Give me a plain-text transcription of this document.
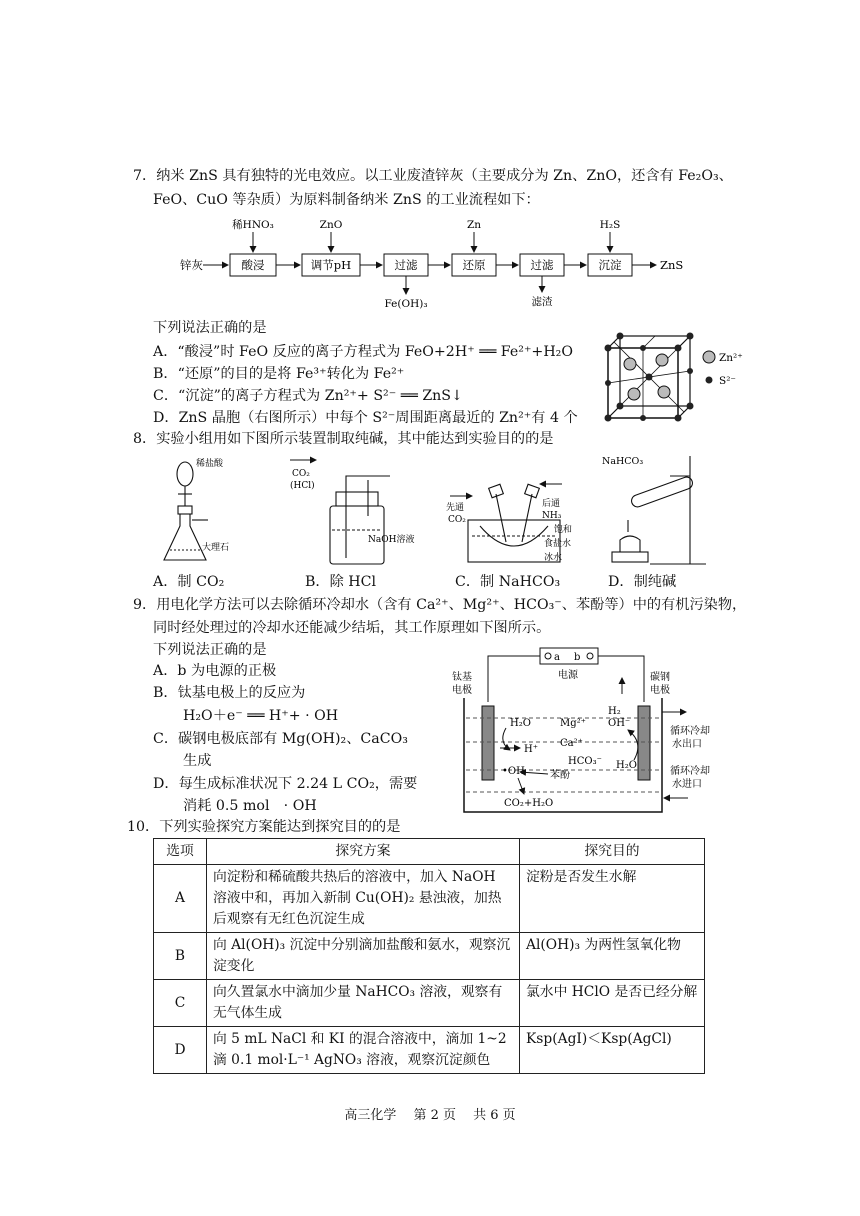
7．纳米 ZnS 具有独特的光电效应。以工业废渣锌灰（主要成分为 Zn、ZnO，还含有 Fe₂O₃、
FeO、CuO 等杂质）为原料制备纳米 ZnS 的工业流程如下：
锌灰	酸浸	调节pH	过滤	还原	过滤	沉淀	ZnS
稀HNO₃	ZnO	Zn	H₂S
Fe(OH)₃	滤渣
下列说法正确的是
A．“酸浸”时 FeO 反应的离子方程式为 FeO+2H⁺ ══ Fe²⁺+H₂O
B．“还原”的目的是将 Fe³⁺转化为 Fe²⁺
C．“沉淀”的离子方程式为 Zn²⁺+ S²⁻ ══ ZnS↓
D．ZnS 晶胞（右图所示）中每个 S²⁻周围距离最近的 Zn²⁺有 4 个
Zn²⁺
S²⁻
8．实验小组用如下图所示装置制取纯碱，其中能达到实验目的的是
稀盐酸
大理石
CO₂
(HCl)
NaOH溶液
先通
CO₂
后通
NH₃
饱和
食盐水
冰水
NaHCO₃
A．制 CO₂	B．除 HCl	C．制 NaHCO₃	D．制纯碱
9．用电化学方法可以去除循环冷却水（含有 Ca²⁺、Mg²⁺、HCO₃⁻、苯酚等）中的有机污染物，
同时经处理过的冷却水还能减少结垢，其工作原理如下图所示。
下列说法正确的是
A．b 为电源的正极
B．钛基电极上的反应为
H₂O＋e⁻ ══ H⁺+ · OH
C．碳钢电极底部有 Mg(OH)₂、CaCO₃
生成
D．每生成标准状况下 2.24 L CO₂，需要
消耗 0.5 mol　· OH
a b
电源
钛基
电极
碳钢
电极
H₂O
H⁺
•OH
Mg²⁺
Ca²⁺
HCO₃⁻
苯酚
CO₂+H₂O
H₂
OH⁻
H₂O
循环冷却
水出口
循环冷却
水进口
10．下列实验探究方案能达到探究目的的是
选项	探究方案	探究目的
A	向淀粉和稀硫酸共热后的溶液中，加入 NaOH 溶液中和，再加入新制 Cu(OH)₂ 悬浊液，加热后观察有无红色沉淀生成	淀粉是否发生水解
B	向 Al(OH)₃ 沉淀中分别滴加盐酸和氨水，观察沉淀变化	Al(OH)₃ 为两性氢氧化物
C	向久置氯水中滴加少量 NaHCO₃ 溶液，观察有无气体生成	氯水中 HClO 是否已经分解
D	向 5 mL NaCl 和 KI 的混合溶液中，滴加 1~2 滴 0.1 mol·L⁻¹ AgNO₃ 溶液，观察沉淀颜色	Ksp(AgI)＜Ksp(AgCl)
高三化学　 第 2 页　 共 6 页
